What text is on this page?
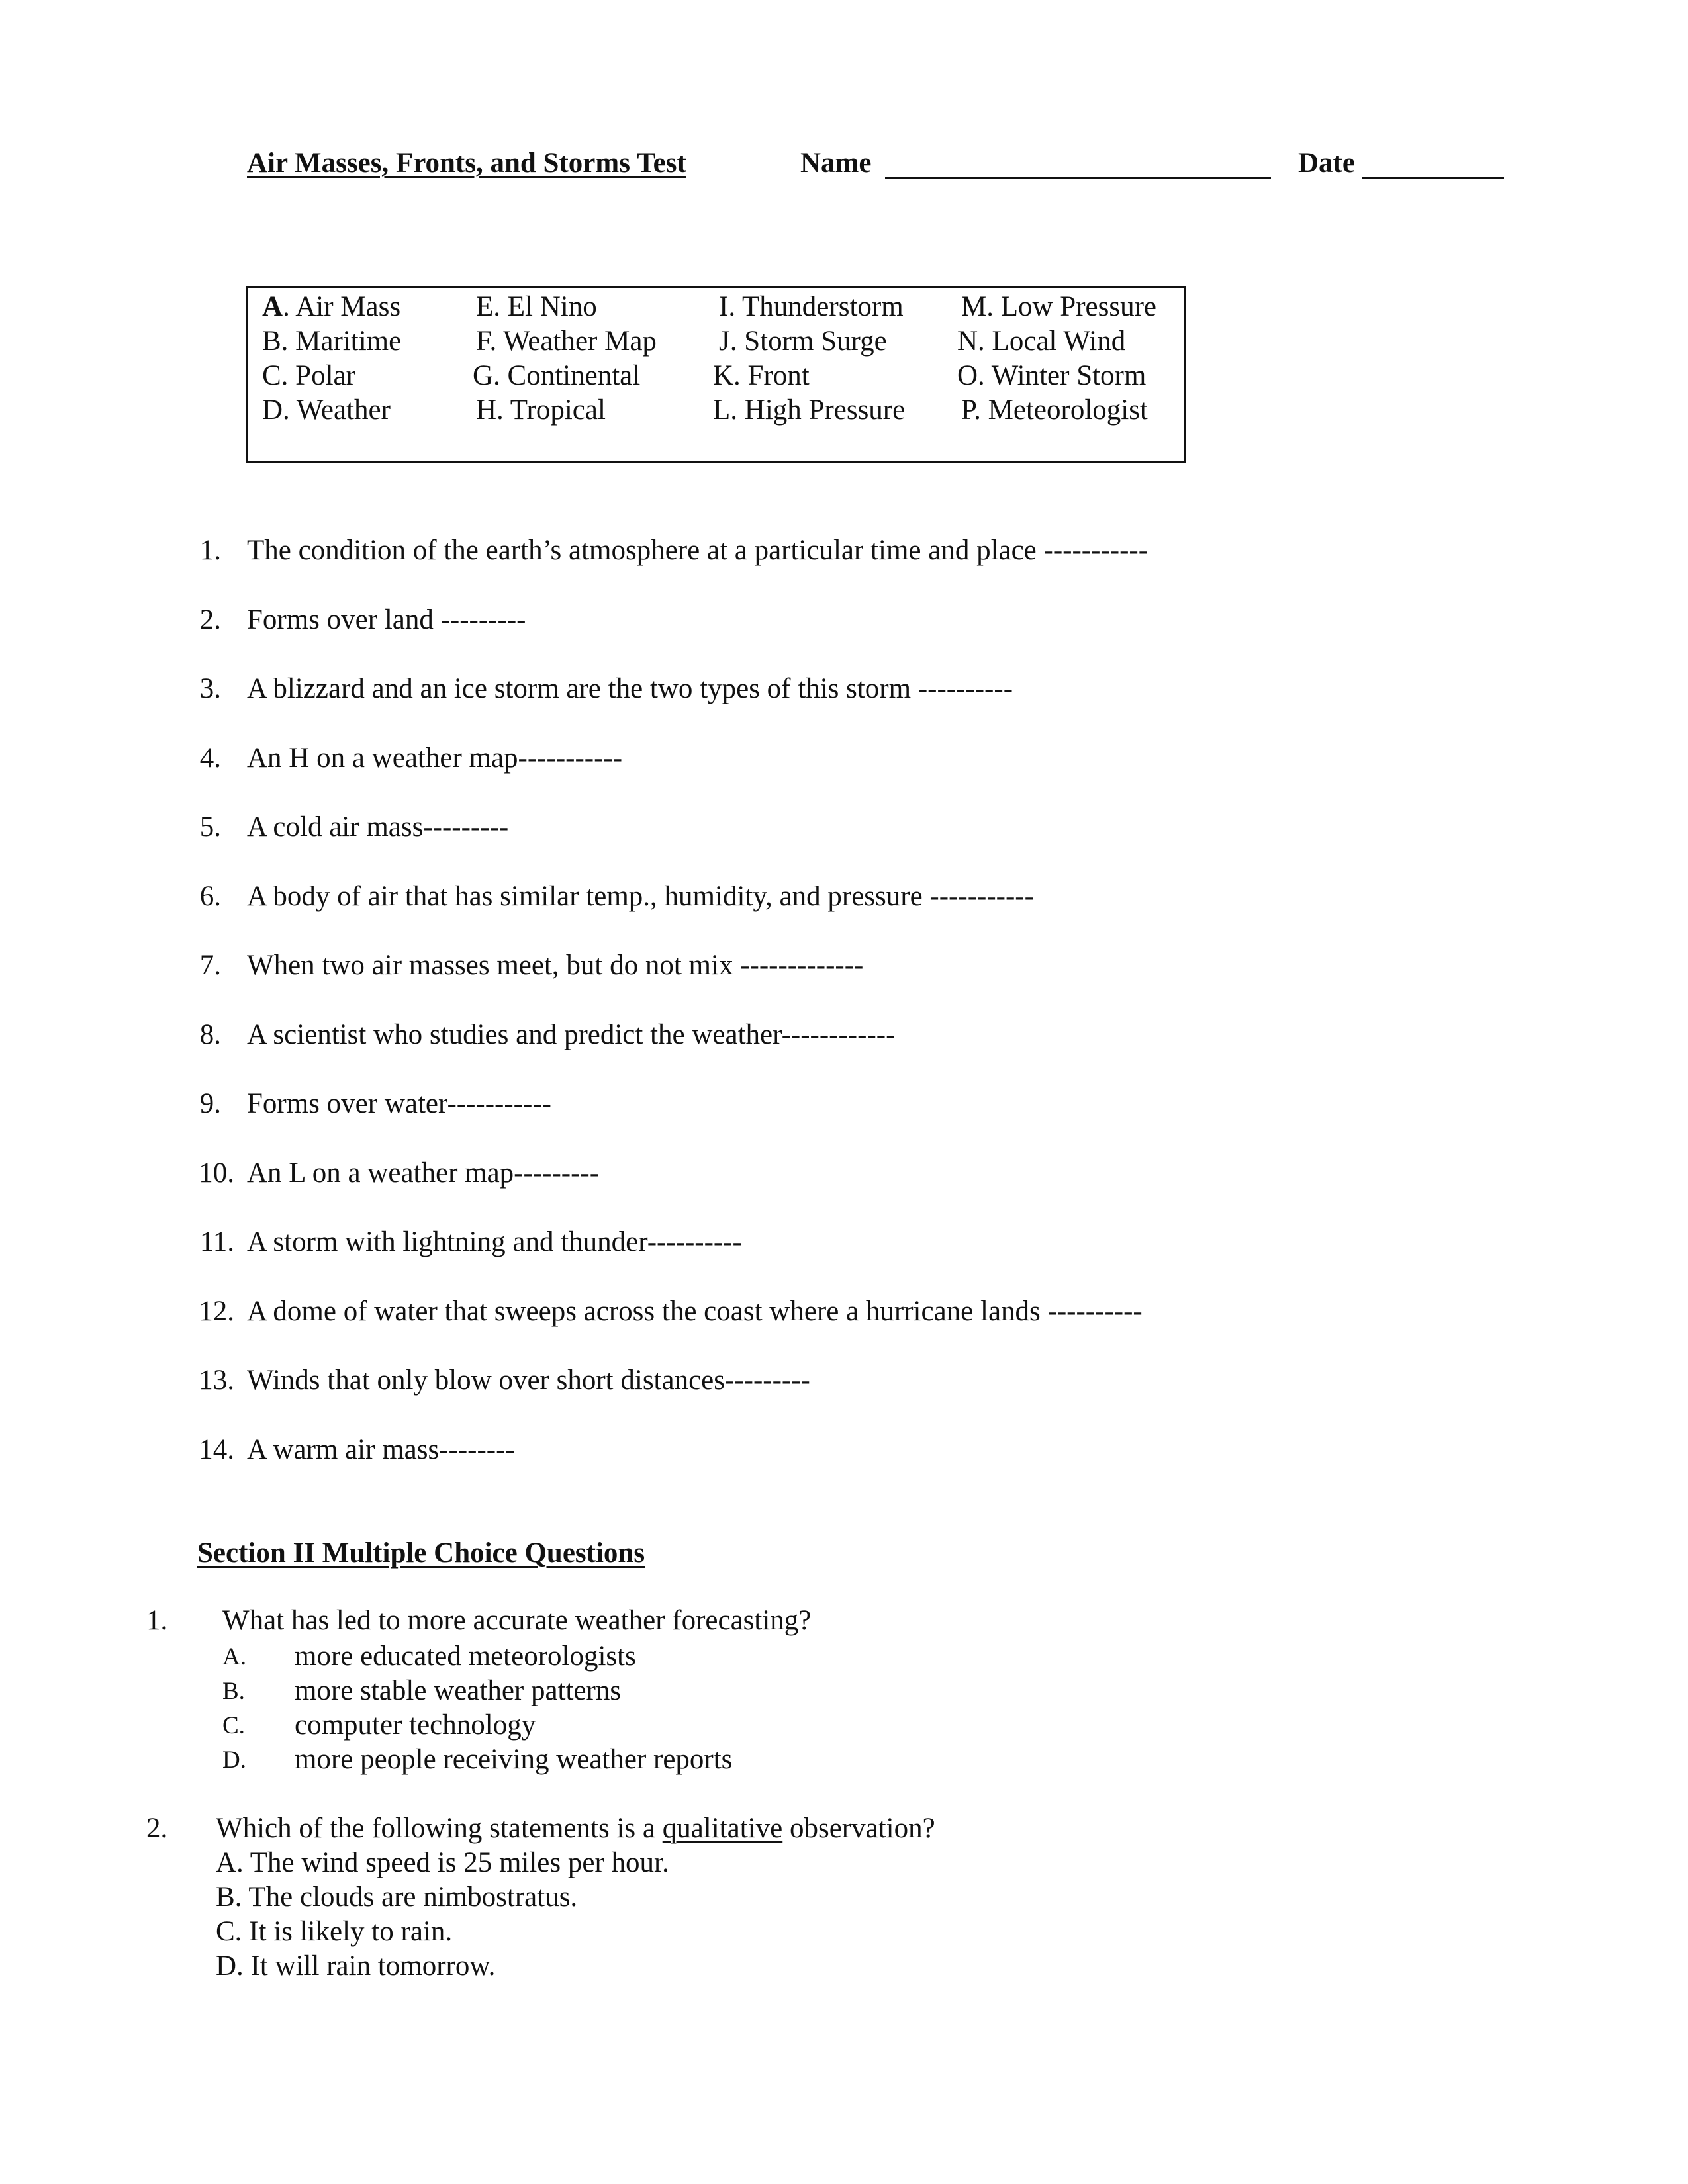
Air Masses, Fronts, and Storms Test	Name	Date
A. Air Mass
B. Maritime
C. Polar
D. Weather
E. El Nino
F. Weather Map
G. Continental
H. Tropical
I. Thunderstorm
J. Storm Surge
K. Front
L. High Pressure
M. Low Pressure
N. Local Wind
O. Winter Storm
P. Meteorologist
1. The condition of the earth’s atmosphere at a particular time and place -----------
2. Forms over land ---------
3. A blizzard and an ice storm are the two types of this storm ----------
4. An H on a weather map-----------
5. A cold air mass---------
6. A body of air that has similar temp., humidity, and pressure -----------
7. When two air masses meet, but do not mix -------------
8. A scientist who studies and predict the weather------------
9. Forms over water-----------
10. An L on a weather map---------
11. A storm with lightning and thunder----------
12. A dome of water that sweeps across the coast where a hurricane lands ----------
13. Winds that only blow over short distances---------
14. A warm air mass--------
Section II Multiple Choice Questions
1. What has led to more accurate weather forecasting?
A. more educated meteorologists
B. more stable weather patterns
C. computer technology
D. more people receiving weather reports
2. Which of the following statements is a qualitative observation?
A. The wind speed is 25 miles per hour.
B. The clouds are nimbostratus.
C. It is likely to rain.
D. It will rain tomorrow.
